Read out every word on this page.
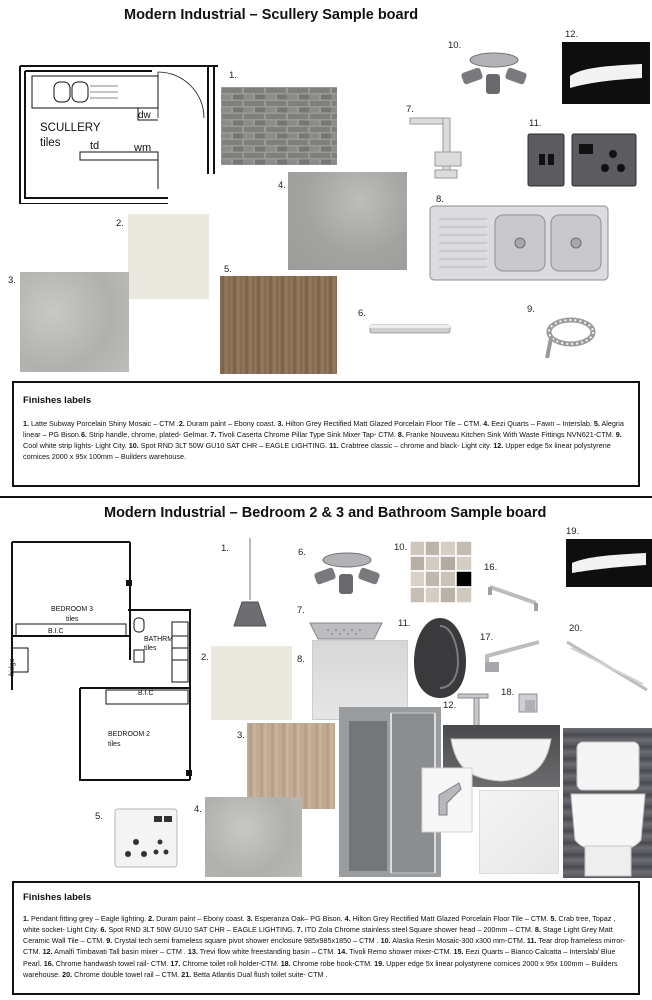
Modern Industrial – Scullery Sample board
dw
SCULLERY
tiles	td	wm
1.
2.
3.
4.
5.
6.
7.
8.
9.
10.
11.
12.
Finishes labels

1. Latte Subway Porcelain Shiny Mosaic – CTM .2. Duram paint – Ebony coast. 3. Hilton Grey Rectified Matt Glazed Porcelain Floor Tile – CTM. 4. Eezi Quarts – Fawn – Interslab. 5. Alegria linear – PG Bison.6. Strip handle, chrome, plated- Gelmar. 7. Tivoli Caserta Chrome Pillar Type Sink Mixer Tap- CTM. 8. Franke Nouveau Kitchen Sink With Waste Fittings NVN621-CTM. 9. Cool white strip lights- Light City. 10. Spot RND 3LT 50W GU10 SAT CHR – EAGLE LIGHTING. 11. Crabtree classic – chrome and black- Light city. 12. Upper edge 5x linear polystyrene cornices 2000 x 95x 100mm – Builders warehouse.

Modern Industrial – Bedroom 2 & 3 and Bathroom Sample board
BEDROOM 3
tiles
B.I.C
BATHRM
tiles
B.I.C
BEDROOM 2
tiles
fridge
1.
2.
3.
4.
5.
6.
7.
8.
10.
11.
12.
16.
17.
18.
19.
20.
Finishes labels

1. Pendant fitting grey – Eagle lighting. 2. Duram paint – Ebony coast. 3. Esperanza Oak– PG Bison. 4. Hilton Grey Rectified Matt Glazed Porcelain Floor Tile – CTM. 5. Crab tree, Topaz , white socket- Light City. 6. Spot RND 3LT 50W GU10 SAT CHR – EAGLE LIGHTING. 7. ITD Zola Chrome stainless steel Square shower head – 200mm – CTM. 8. Stage Light Grey Matt Ceramic Wall Tile – CTM. 9. Crystal tech semi frameless square pivot shower enclosure 985x985x1850 – CTM . 10. Alaska Resin Mosaic-300 x300 mm-CTM. 11. Tear drop frameless mirror- CTM. 12. Amalfi Timbavati Tall basin mixer – CTM . 13. Trevi flow white freestanding basin – CTM. 14. Tivoli Remo shower mixer-CTM. 15. Eezi Quarts – Bianco Calcatta – Interslab/ Blue Pearl. 16. Chrome handwash towel rail- CTM. 17. Chrome toilet roll holder-CTM. 18. Chrome robe hook-CTM. 19. Upper edge 5x linear polystyrene cornices 2000 x 95x 100mm – Builders warehouse. 20. Chrome double towel rail – CTM. 21. Betta Atlantis Dual flush toilet suite- CTM .
